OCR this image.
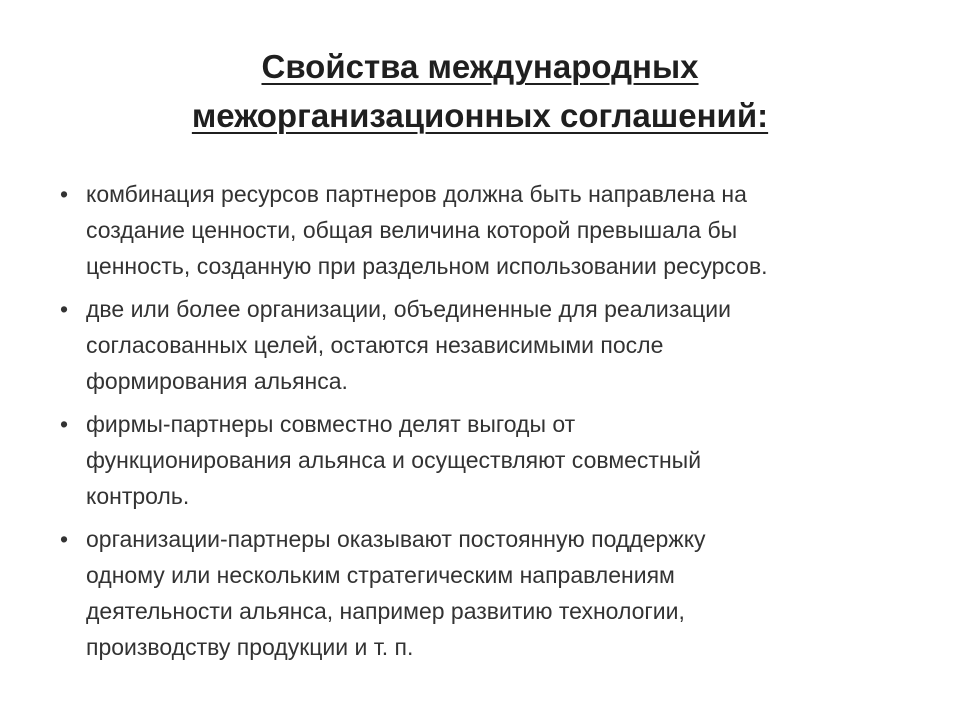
Свойства международных
межорганизационных соглашений:
• комбинация ресурсов партнеров должна быть направлена на
создание ценности, общая величина которой превышала бы
ценность, созданную при раздельном использовании ресурсов.
• две или более организации, объединенные для реализации
согласованных целей, остаются независимыми после
формирования альянса.
• фирмы-партнеры совместно делят выгоды от
функционирования альянса и осуществляют совместный
контроль.
• организации-партнеры оказывают постоянную поддержку
одному или нескольким стратегическим направлениям
деятельности альянса, например развитию технологии,
производству продукции и т. п.
